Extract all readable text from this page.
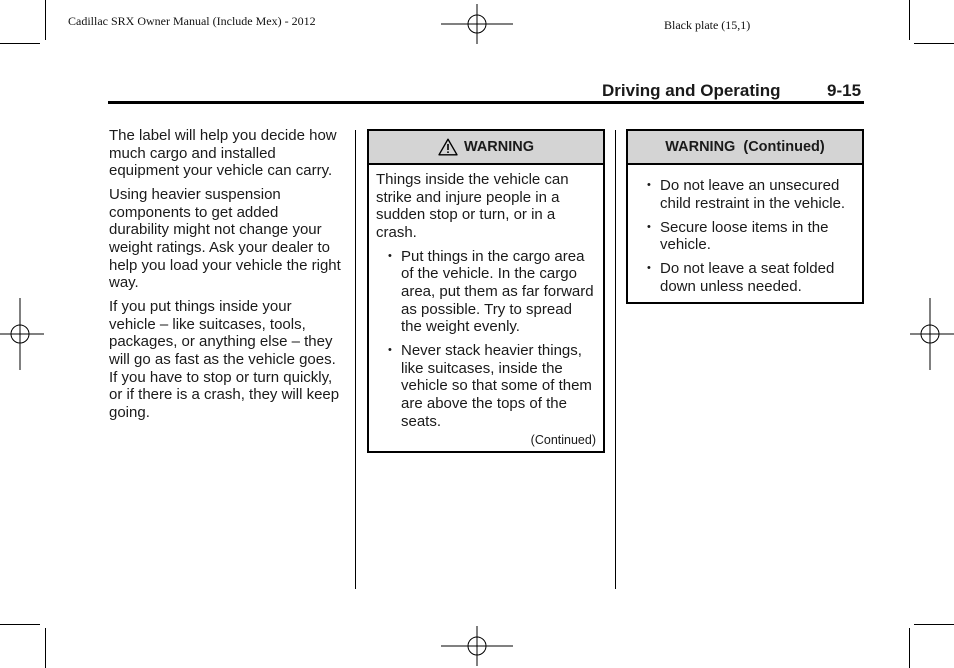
Cadillac SRX Owner Manual (Include Mex) - 2012	Black plate (15,1)
Driving and Operating	9-15

The label will help you decide how much cargo and installed equipment your vehicle can carry.

Using heavier suspension components to get added durability might not change your weight ratings. Ask your dealer to help you load your vehicle the right way.

If you put things inside your vehicle – like suitcases, tools, packages, or anything else – they will go as fast as the vehicle goes. If you have to stop or turn quickly, or if there is a crash, they will keep going.

WARNING

Things inside the vehicle can strike and injure people in a sudden stop or turn, or in a crash.

• Put things in the cargo area of the vehicle. In the cargo area, put them as far forward as possible. Try to spread the weight evenly.
• Never stack heavier things, like suitcases, inside the vehicle so that some of them are above the tops of the seats.
(Continued)
WARNING  (Continued)
• Do not leave an unsecured child restraint in the vehicle.
• Secure loose items in the vehicle.
• Do not leave a seat folded down unless needed.
